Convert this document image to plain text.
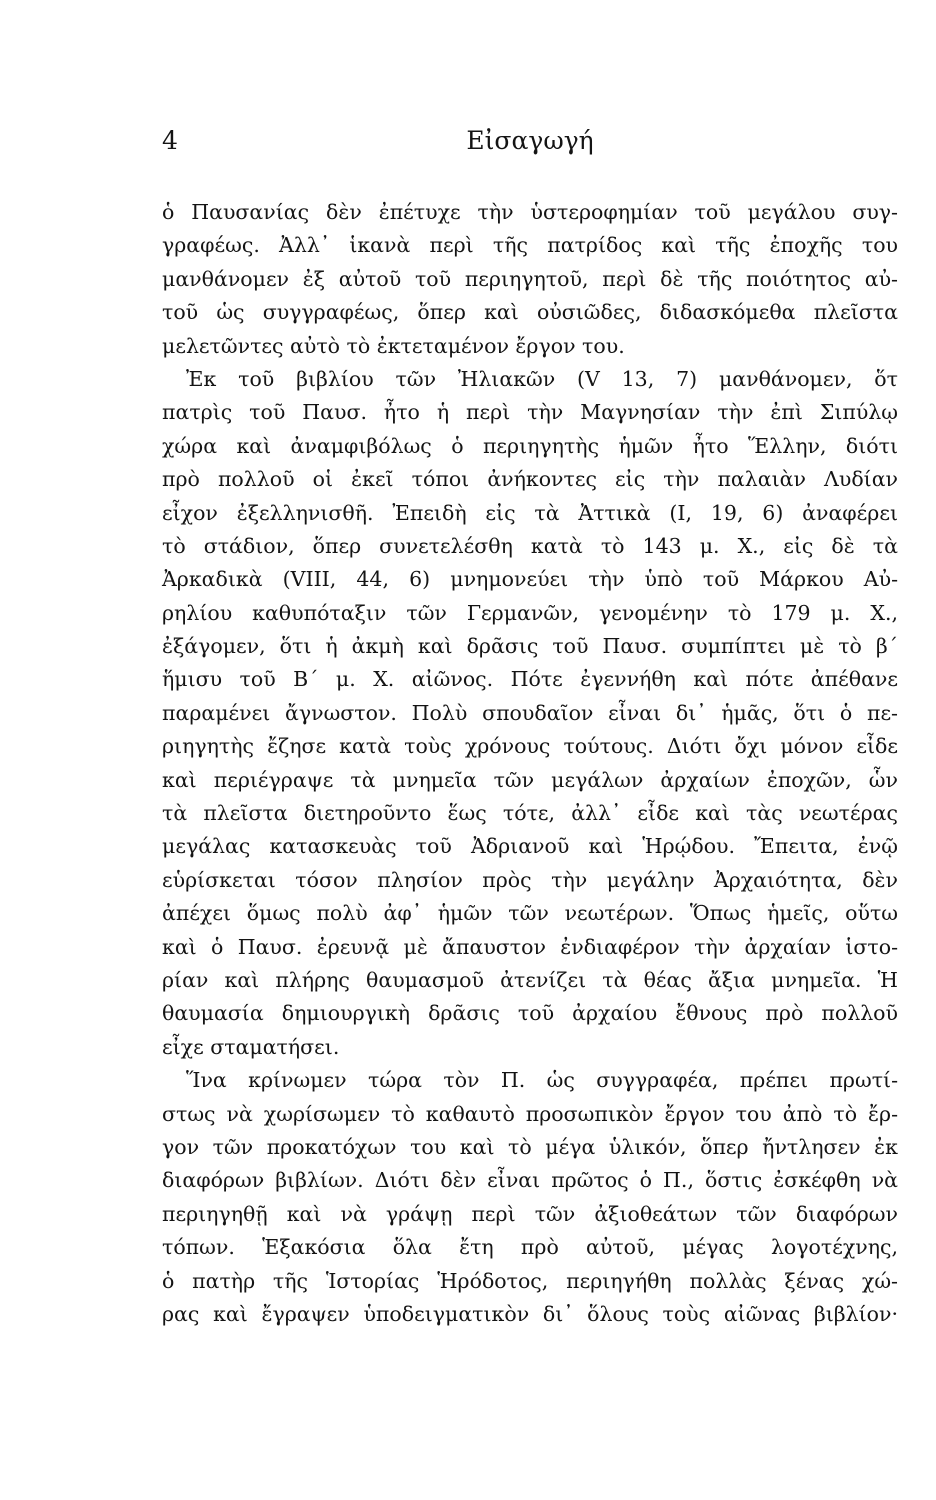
4	Εἰσαγωγή
ὁ Παυσανίας δὲν ἐπέτυχε τὴν ὑστεροφημίαν τοῦ μεγάλου συγ-
γραφέως. Ἀλλ᾽ ἱκανὰ περὶ τῆς πατρίδος καὶ τῆς ἐποχῆς του
μανθάνομεν ἐξ αὐτοῦ τοῦ περιηγητοῦ, περὶ δὲ τῆς ποιότητος αὐ-
τοῦ ὡς συγγραφέως, ὅπερ καὶ οὐσιῶδες, διδασκόμεθα πλεῖστα
μελετῶντες αὐτὸ τὸ ἐκτεταμένον ἔργον του.
Ἐκ τοῦ βιβλίου τῶν Ἠλιακῶν (V 13, 7) μανθάνομεν, ὅτ
πατρὶς τοῦ Παυσ. ἦτο ἡ περὶ τὴν Μαγνησίαν τὴν ἐπὶ Σιπύλῳ
χώρα καὶ ἀναμφιβόλως ὁ περιηγητὴς ἡμῶν ἦτο Ἕλλην, διότι
πρὸ πολλοῦ οἱ ἐκεῖ τόποι ἀνήκοντες εἰς τὴν παλαιὰν Λυδίαν
εἶχον ἐξελληνισθῆ. Ἐπειδὴ εἰς τὰ Ἀττικὰ (I, 19, 6) ἀναφέρει
τὸ στάδιον, ὅπερ συνετελέσθη κατὰ τὸ 143 μ. Χ., εἰς δὲ τὰ
Ἀρκαδικὰ (VIII, 44, 6) μνημονεύει τὴν ὑπὸ τοῦ Μάρκου Αὐ-
ρηλίου καθυπόταξιν τῶν Γερμανῶν, γενομένην τὸ 179 μ. Χ.,
ἐξάγομεν, ὅτι ἡ ἀκμὴ καὶ δρᾶσις τοῦ Παυσ. συμπίπτει μὲ τὸ β΄
ἥμισυ τοῦ Β΄ μ. Χ. αἰῶνος. Πότε ἐγεννήθη καὶ πότε ἀπέθανε
παραμένει ἄγνωστον. Πολὺ σπουδαῖον εἶναι δι᾽ ἡμᾶς, ὅτι ὁ πε-
ριηγητὴς ἔζησε κατὰ τοὺς χρόνους τούτους. Διότι ὄχι μόνον εἶδε
καὶ περιέγραψε τὰ μνημεῖα τῶν μεγάλων ἀρχαίων ἐποχῶν, ὧν
τὰ πλεῖστα διετηροῦντο ἕως τότε, ἀλλ᾽ εἶδε καὶ τὰς νεωτέρας
μεγάλας κατασκευὰς τοῦ Ἀδριανοῦ καὶ Ἡρῴδου. Ἔπειτα, ἐνῷ
εὑρίσκεται τόσον πλησίον πρὸς τὴν μεγάλην Ἀρχαιότητα, δὲν
ἀπέχει ὅμως πολὺ ἀφ᾽ ἡμῶν τῶν νεωτέρων. Ὅπως ἡμεῖς, οὕτω
καὶ ὁ Παυσ. ἐρευνᾷ μὲ ἄπαυστον ἐνδιαφέρον τὴν ἀρχαίαν ἱστο-
ρίαν καὶ πλήρης θαυμασμοῦ ἀτενίζει τὰ θέας ἄξια μνημεῖα. Ἡ
θαυμασία δημιουργικὴ δρᾶσις τοῦ ἀρχαίου ἔθνους πρὸ πολλοῦ
εἶχε σταματήσει.
Ἵνα κρίνωμεν τώρα τὸν Π. ὡς συγγραφέα, πρέπει πρωτί-
στως νὰ χωρίσωμεν τὸ καθαυτὸ προσωπικὸν ἔργον του ἀπὸ τὸ ἔρ-
γον τῶν προκατόχων του καὶ τὸ μέγα ὑλικόν, ὅπερ ἤντλησεν ἐκ
διαφόρων βιβλίων. Διότι δὲν εἶναι πρῶτος ὁ Π., ὅστις ἐσκέφθη νὰ
περιηγηθῇ καὶ νὰ γράψῃ περὶ τῶν ἀξιοθεάτων τῶν διαφόρων
τόπων. Ἑξακόσια ὅλα ἔτη πρὸ αὐτοῦ, μέγας λογοτέχνης,
ὁ πατὴρ τῆς Ἱστορίας Ἡρόδοτος, περιηγήθη πολλὰς ξένας χώ-
ρας καὶ ἔγραψεν ὑποδειγματικὸν δι᾽ ὅλους τοὺς αἰῶνας βιβλίον·
